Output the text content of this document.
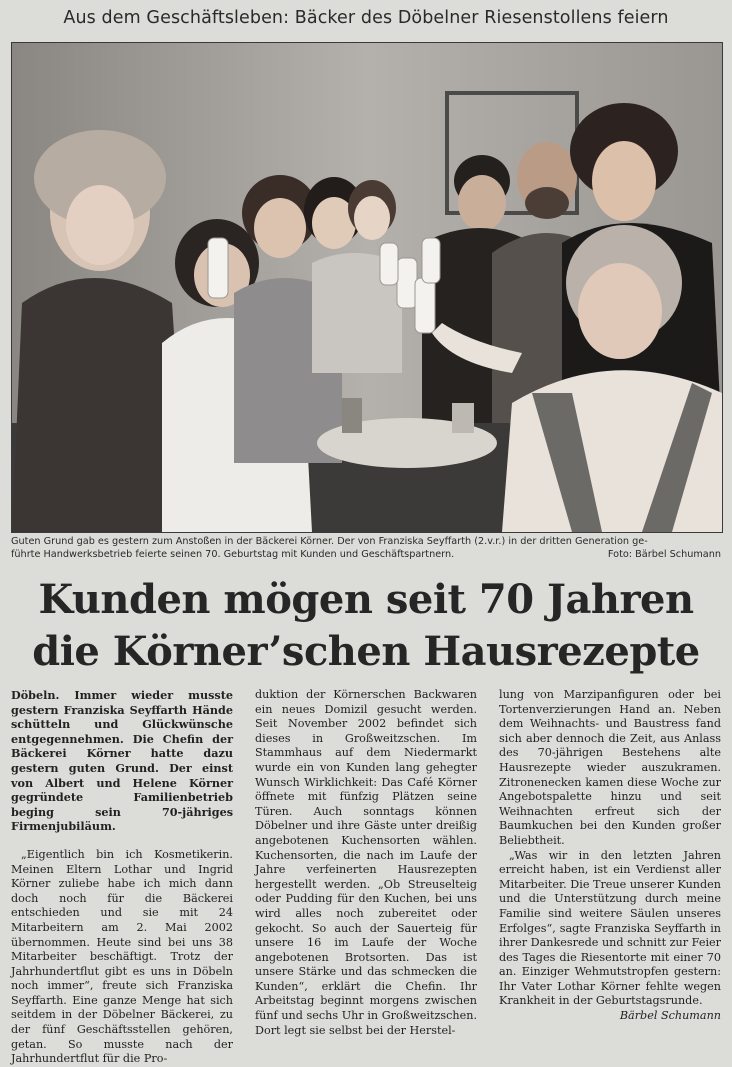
Aus dem Geschäftsleben: Bäcker des Döbelner Riesenstollens feiern
Guten Grund gab es gestern zum Anstoßen in der Bäckerei Körner. Der von Franziska Seyffarth (2.v.r.) in der dritten Generation ge-
führte Handwerksbetrieb feierte seinen 70. Geburtstag mit Kunden und Geschäftspartnern.	Foto: Bärbel Schumann
Kunden mögen seit 70 Jahren
die Körner’schen Hausrezepte

Döbeln. Immer wieder musste gestern Franziska Seyffarth Hände schütteln und Glückwünsche entgegennehmen. Die Chefin der Bäckerei Körner hatte dazu gestern guten Grund. Der einst von Albert und Helene Körner gegründete Familienbetrieb beging sein 70-jähriges Firmenjubiläum.

„Eigentlich bin ich Kosmetikerin. Meinen Eltern Lothar und Ingrid Körner zuliebe habe ich mich dann doch noch für die Bäckerei entschieden und sie mit 24 Mitarbeitern am 2. Mai 2002 übernommen. Heute sind bei uns 38 Mitarbeiter beschäftigt. Trotz der Jahrhundertflut gibt es uns in Döbeln noch immer“, freute sich Franziska Seyffarth. Eine ganze Menge hat sich seitdem in der Döbelner Bäckerei, zu der fünf Geschäftsstellen gehören, getan. So musste nach der Jahrhundertflut für die Pro-

duktion der Körnerschen Backwaren ein neues Domizil gesucht werden. Seit November 2002 befindet sich dieses in Großweitzschen. Im Stammhaus auf dem Niedermarkt wurde ein von Kunden lang gehegter Wunsch Wirklichkeit: Das Café Körner öffnete mit fünfzig Plätzen seine Türen. Auch sonntags können Döbelner und ihre Gäste unter dreißig angebotenen Kuchensorten wählen. Kuchensorten, die nach im Laufe der Jahre verfeinerten Hausrezepten hergestellt werden. „Ob Streuselteig oder Pudding für den Kuchen, bei uns wird alles noch zubereitet oder gekocht. So auch der Sauerteig für unsere 16 im Laufe der Woche angebotenen Brotsorten. Das ist unsere Stärke und das schmecken die Kunden“, erklärt die Chefin. Ihr Arbeitstag beginnt morgens zwischen fünf und sechs Uhr in Großweitzschen. Dort legt sie selbst bei der Herstel-

lung von Marzipanfiguren oder bei Tortenverzierungen Hand an. Neben dem Weihnachts- und Baustress fand sich aber dennoch die Zeit, aus Anlass des 70-jährigen Bestehens alte Hausrezepte wieder auszukramen. Zitronenecken kamen diese Woche zur Angebotspalette hinzu und seit Weihnachten erfreut sich der Baumkuchen bei den Kunden großer Beliebtheit.

„Was wir in den letzten Jahren erreicht haben, ist ein Verdienst aller Mitarbeiter. Die Treue unserer Kunden und die Unterstützung durch meine Familie sind weitere Säulen unseres Erfolges“, sagte Franziska Seyffarth in ihrer Dankesrede und schnitt zur Feier des Tages die Riesentorte mit einer 70 an. Einziger Wehmutstropfen gestern: Ihr Vater Lothar Körner fehlte wegen Krankheit in der Geburtstagsrunde.

Bärbel Schumann
